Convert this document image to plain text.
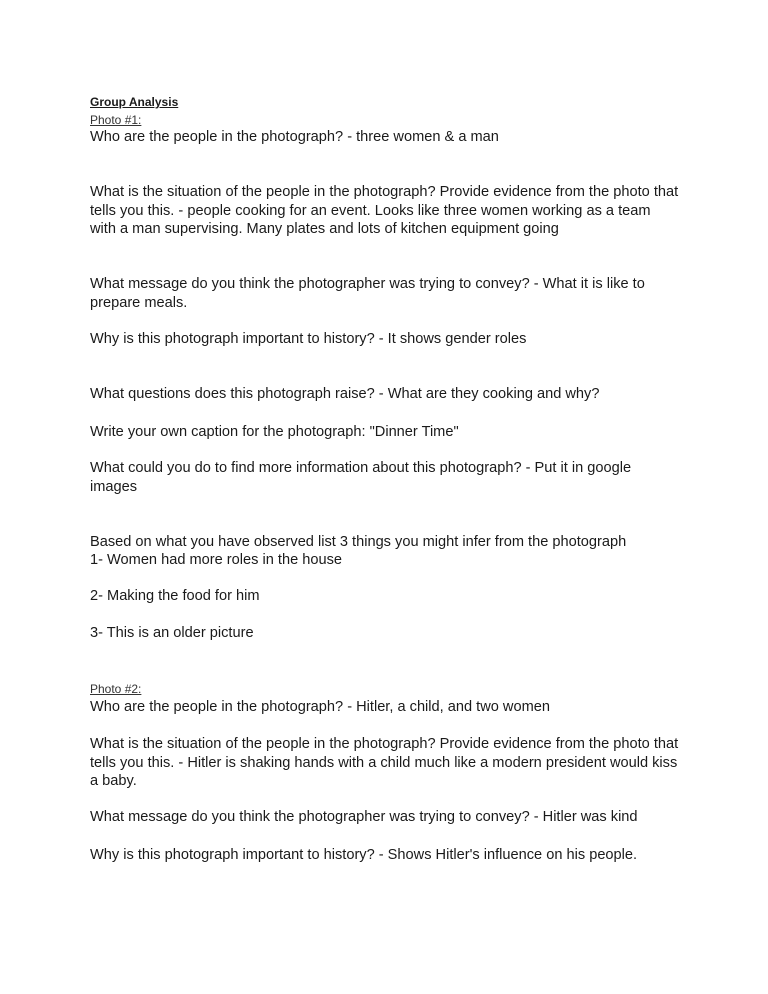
Group Analysis
Photo #1:
Who are the people in the photograph? - three women & a man
What is the situation of the people in the photograph? Provide evidence from the photo that tells you this. - people cooking for an event. Looks like three women working as a team with a man supervising. Many plates and lots of kitchen equipment going
What message do you think the photographer was trying to convey? - What it is like to prepare meals.
Why is this photograph important to history? - It shows gender roles
What questions does this photograph raise? - What are they cooking and why?
Write your own caption for the photograph: "Dinner Time"
What could you do to find more information about this photograph? - Put it in google images
Based on what you have observed list 3 things you might infer from the photograph
1- Women had more roles in the house
2- Making the food for him
3- This is an older picture
Photo #2:
Who are the people in the photograph? - Hitler, a child, and two women
What is the situation of the people in the photograph? Provide evidence from the photo that tells you this. - Hitler is shaking hands with a child much like a modern president would kiss a baby.
What message do you think the photographer was trying to convey? - Hitler was kind
Why is this photograph important to history? - Shows Hitler's influence on his people.
